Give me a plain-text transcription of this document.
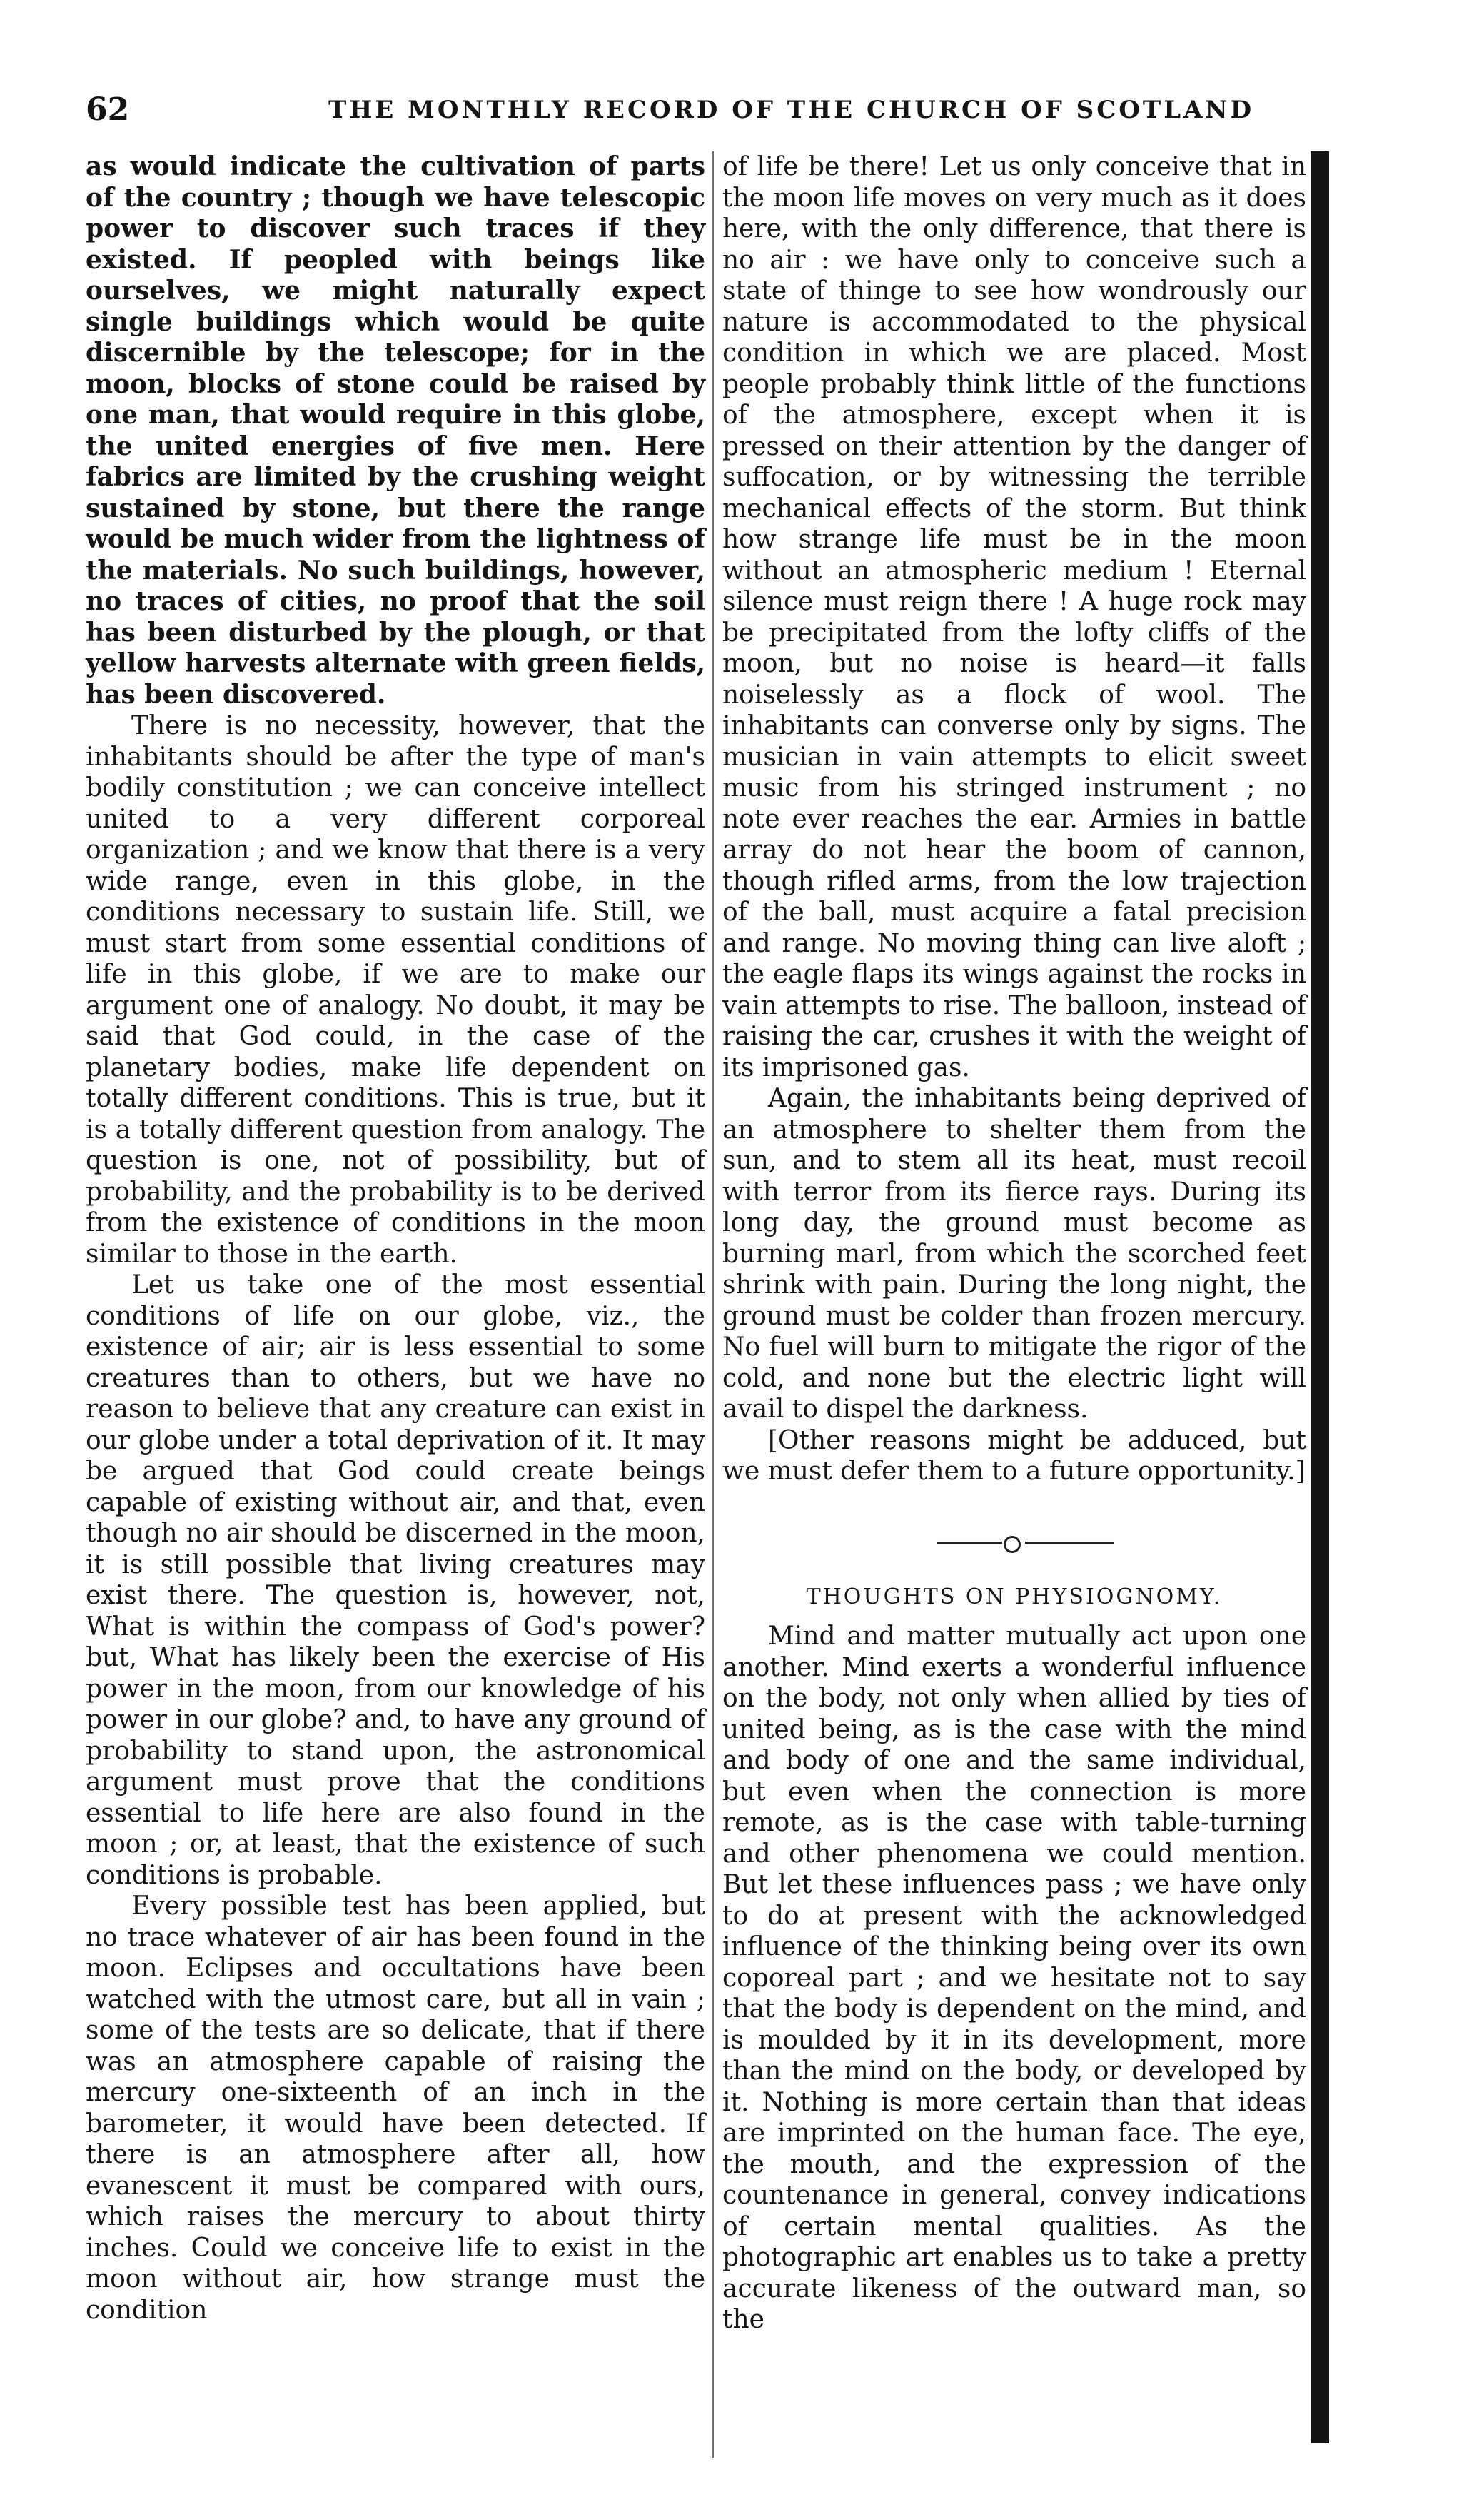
62	THE MONTHLY RECORD OF THE CHURCH OF SCOTLAND

as would indicate the cultivation of parts of the country ; though we have telescopic power to discover such traces if they existed. If peopled with beings like ourselves, we might naturally expect single buildings which would be quite discernible by the telescope; for in the moon, blocks of stone could be raised by one man, that would require in this globe, the united energies of five men. Here fabrics are limited by the crushing weight sustained by stone, but there the range would be much wider from the lightness of the materials. No such buildings, however, no traces of cities, no proof that the soil has been disturbed by the plough, or that yellow harvests alternate with green fields, has been discovered.

There is no necessity, however, that the inhabitants should be after the type of man's bodily constitution ; we can conceive intellect united to a very different corporeal organization ; and we know that there is a very wide range, even in this globe, in the conditions necessary to sustain life. Still, we must start from some essential conditions of life in this globe, if we are to make our argument one of analogy. No doubt, it may be said that God could, in the case of the planetary bodies, make life dependent on totally different conditions. This is true, but it is a totally different question from analogy. The question is one, not of possibility, but of probability, and the probability is to be derived from the existence of conditions in the moon similar to those in the earth.

Let us take one of the most essential conditions of life on our globe, viz., the existence of air; air is less essential to some creatures than to others, but we have no reason to believe that any creature can exist in our globe under a total deprivation of it. It may be argued that God could create beings capable of existing without air, and that, even though no air should be discerned in the moon, it is still possible that living creatures may exist there. The question is, however, not, What is within the compass of God's power? but, What has likely been the exercise of His power in the moon, from our knowledge of his power in our globe? and, to have any ground of probability to stand upon, the astronomical argument must prove that the conditions essential to life here are also found in the moon ; or, at least, that the existence of such conditions is probable.

Every possible test has been applied, but no trace whatever of air has been found in the moon. Eclipses and occultations have been watched with the utmost care, but all in vain ; some of the tests are so delicate, that if there was an atmosphere capable of raising the mercury one-sixteenth of an inch in the barometer, it would have been detected. If there is an atmosphere after all, how evanescent it must be compared with ours, which raises the mercury to about thirty inches. Could we conceive life to exist in the moon without air, how strange must the condition

of life be there! Let us only conceive that in the moon life moves on very much as it does here, with the only difference, that there is no air : we have only to conceive such a state of thinge to see how wondrously our nature is accommodated to the physical condition in which we are placed. Most people probably think little of the functions of the atmosphere, except when it is pressed on their attention by the danger of suffocation, or by witnessing the terrible mechanical effects of the storm. But think how strange life must be in the moon without an atmospheric medium ! Eternal silence must reign there ! A huge rock may be precipitated from the lofty cliffs of the moon, but no noise is heard—it falls noiselessly as a flock of wool. The inhabitants can converse only by signs. The musician in vain attempts to elicit sweet music from his stringed instrument ; no note ever reaches the ear. Armies in battle array do not hear the boom of cannon, though rifled arms, from the low trajection of the ball, must acquire a fatal precision and range. No moving thing can live aloft ; the eagle flaps its wings against the rocks in vain attempts to rise. The balloon, instead of raising the car, crushes it with the weight of its imprisoned gas.

Again, the inhabitants being deprived of an atmosphere to shelter them from the sun, and to stem all its heat, must recoil with terror from its fierce rays. During its long day, the ground must become as burning marl, from which the scorched feet shrink with pain. During the long night, the ground must be colder than frozen mercury. No fuel will burn to mitigate the rigor of the cold, and none but the electric light will avail to dispel the darkness.

[Other reasons might be adduced, but we must defer them to a future opportunity.]

THOUGHTS ON PHYSIOGNOMY.

Mind and matter mutually act upon one another. Mind exerts a wonderful influence on the body, not only when allied by ties of united being, as is the case with the mind and body of one and the same individual, but even when the connection is more remote, as is the case with table-turning and other phenomena we could mention. But let these influences pass ; we have only to do at present with the acknowledged influence of the thinking being over its own coporeal part ; and we hesitate not to say that the body is dependent on the mind, and is moulded by it in its development, more than the mind on the body, or developed by it. Nothing is more certain than that ideas are imprinted on the human face. The eye, the mouth, and the expression of the countenance in general, convey indications of certain mental qualities. As the photographic art enables us to take a pretty accurate likeness of the outward man, so the
